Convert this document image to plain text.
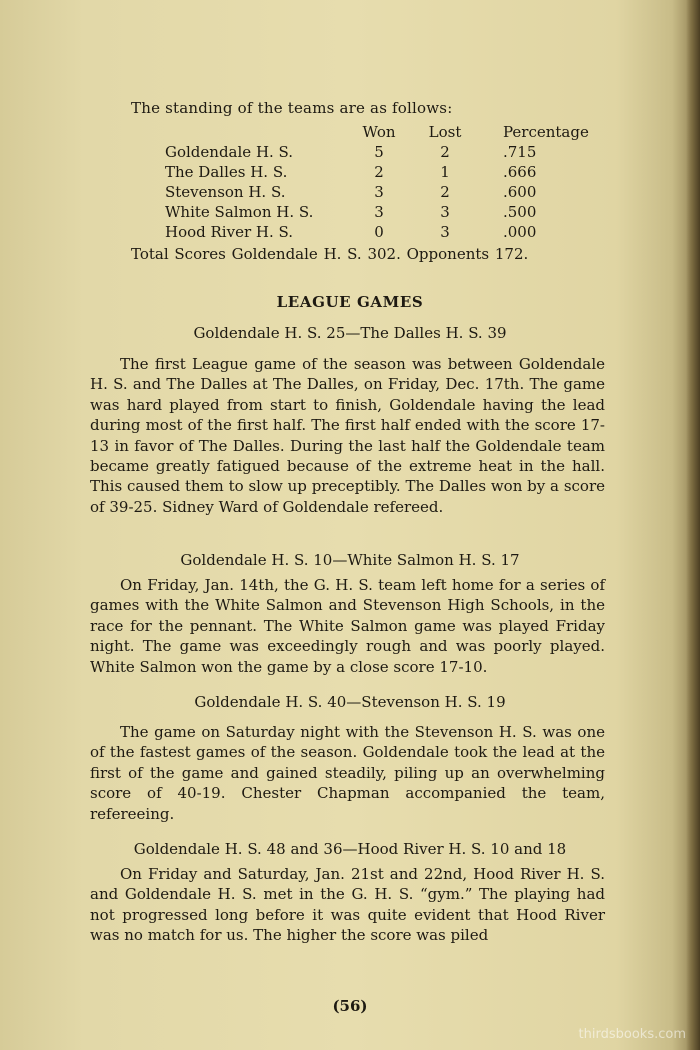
The standing of the teams are as follows:
	Won	Lost	Percentage
Goldendale H. S.	5	2	.715
The Dalles H. S.	2	1	.666
Stevenson H. S.	3	2	.600
White Salmon H. S.	3	3	.500
Hood River H. S.	0	3	.000
Total Scores Goldendale H. S. 302. Opponents 172.
LEAGUE GAMES
Goldendale H. S. 25—The Dalles H. S. 39

The first League game of the season was between Goldendale H. S. and The Dalles at The Dalles, on Friday, Dec. 17th. The game was hard played from start to finish, Goldendale having the lead during most of the first half. The first half ended with the score 17-13 in favor of The Dalles. During the last half the Goldendale team became greatly fatigued because of the extreme heat in the hall. This caused them to slow up preceptibly. The Dalles won by a score of 39-25. Sidney Ward of Goldendale refereed.

Goldendale H. S. 10—White Salmon H. S. 17

On Friday, Jan. 14th, the G. H. S. team left home for a series of games with the White Salmon and Stevenson High Schools, in the race for the pennant. The White Salmon game was played Friday night. The game was exceedingly rough and was poorly played. White Salmon won the game by a close score 17-10.

Goldendale H. S. 40—Stevenson H. S. 19

The game on Saturday night with the Stevenson H. S. was one of the fastest games of the season. Goldendale took the lead at the first of the game and gained steadily, piling up an overwhelming score of 40-19. Chester Chapman accompanied the team, refereeing.

Goldendale H. S. 48 and 36—Hood River H. S. 10 and 18

On Friday and Saturday, Jan. 21st and 22nd, Hood River H. S. and Goldendale H. S. met in the G. H. S. “gym.” The playing had not progressed long before it was quite evident that Hood River was no match for us. The higher the score was piled

(56)
thirdsbooks.com
